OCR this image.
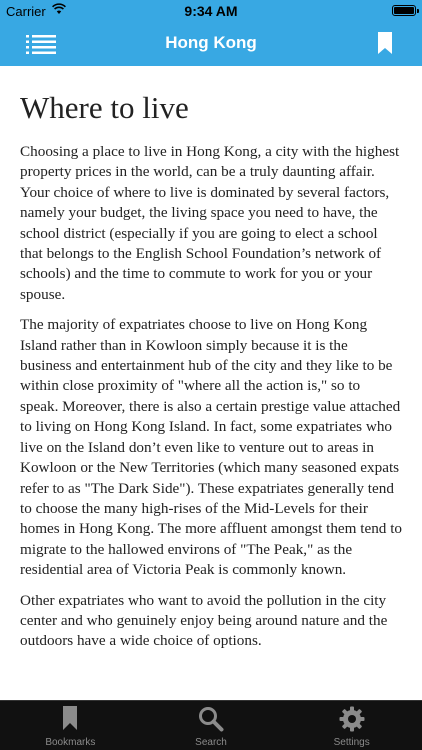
Carrier	9:34 AM
Hong Kong
Where to live

Choosing a place to live in Hong Kong, a city with the highest property prices in the world, can be a truly daunting affair. Your choice of where to live is dominated by several factors, namely your budget, the living space you need to have, the school district (especially if you are going to elect a school that belongs to the English School Foundation’s network of schools) and the time to commute to work for you or your spouse.

The majority of expatriates choose to live on Hong Kong Island rather than in Kowloon simply because it is the business and entertainment hub of the city and they like to be within close proximity of "where all the action is," so to speak. Moreover, there is also a certain prestige value attached to living on Hong Kong Island. In fact, some expatriates who live on the Island don’t even like to venture out to areas in Kowloon or the New Territories (which many seasoned expats refer to as "The Dark Side"). These expatriates generally tend to choose the many high-rises of the Mid-Levels for their homes in Hong Kong. The more affluent amongst them tend to migrate to the hallowed environs of "The Peak," as the residential area of Victoria Peak is commonly known.

Other expatriates who want to avoid the pollution in the city center and who genuinely enjoy being around nature and the outdoors have a wide choice of options.

Bookmarks	Search	Settings
